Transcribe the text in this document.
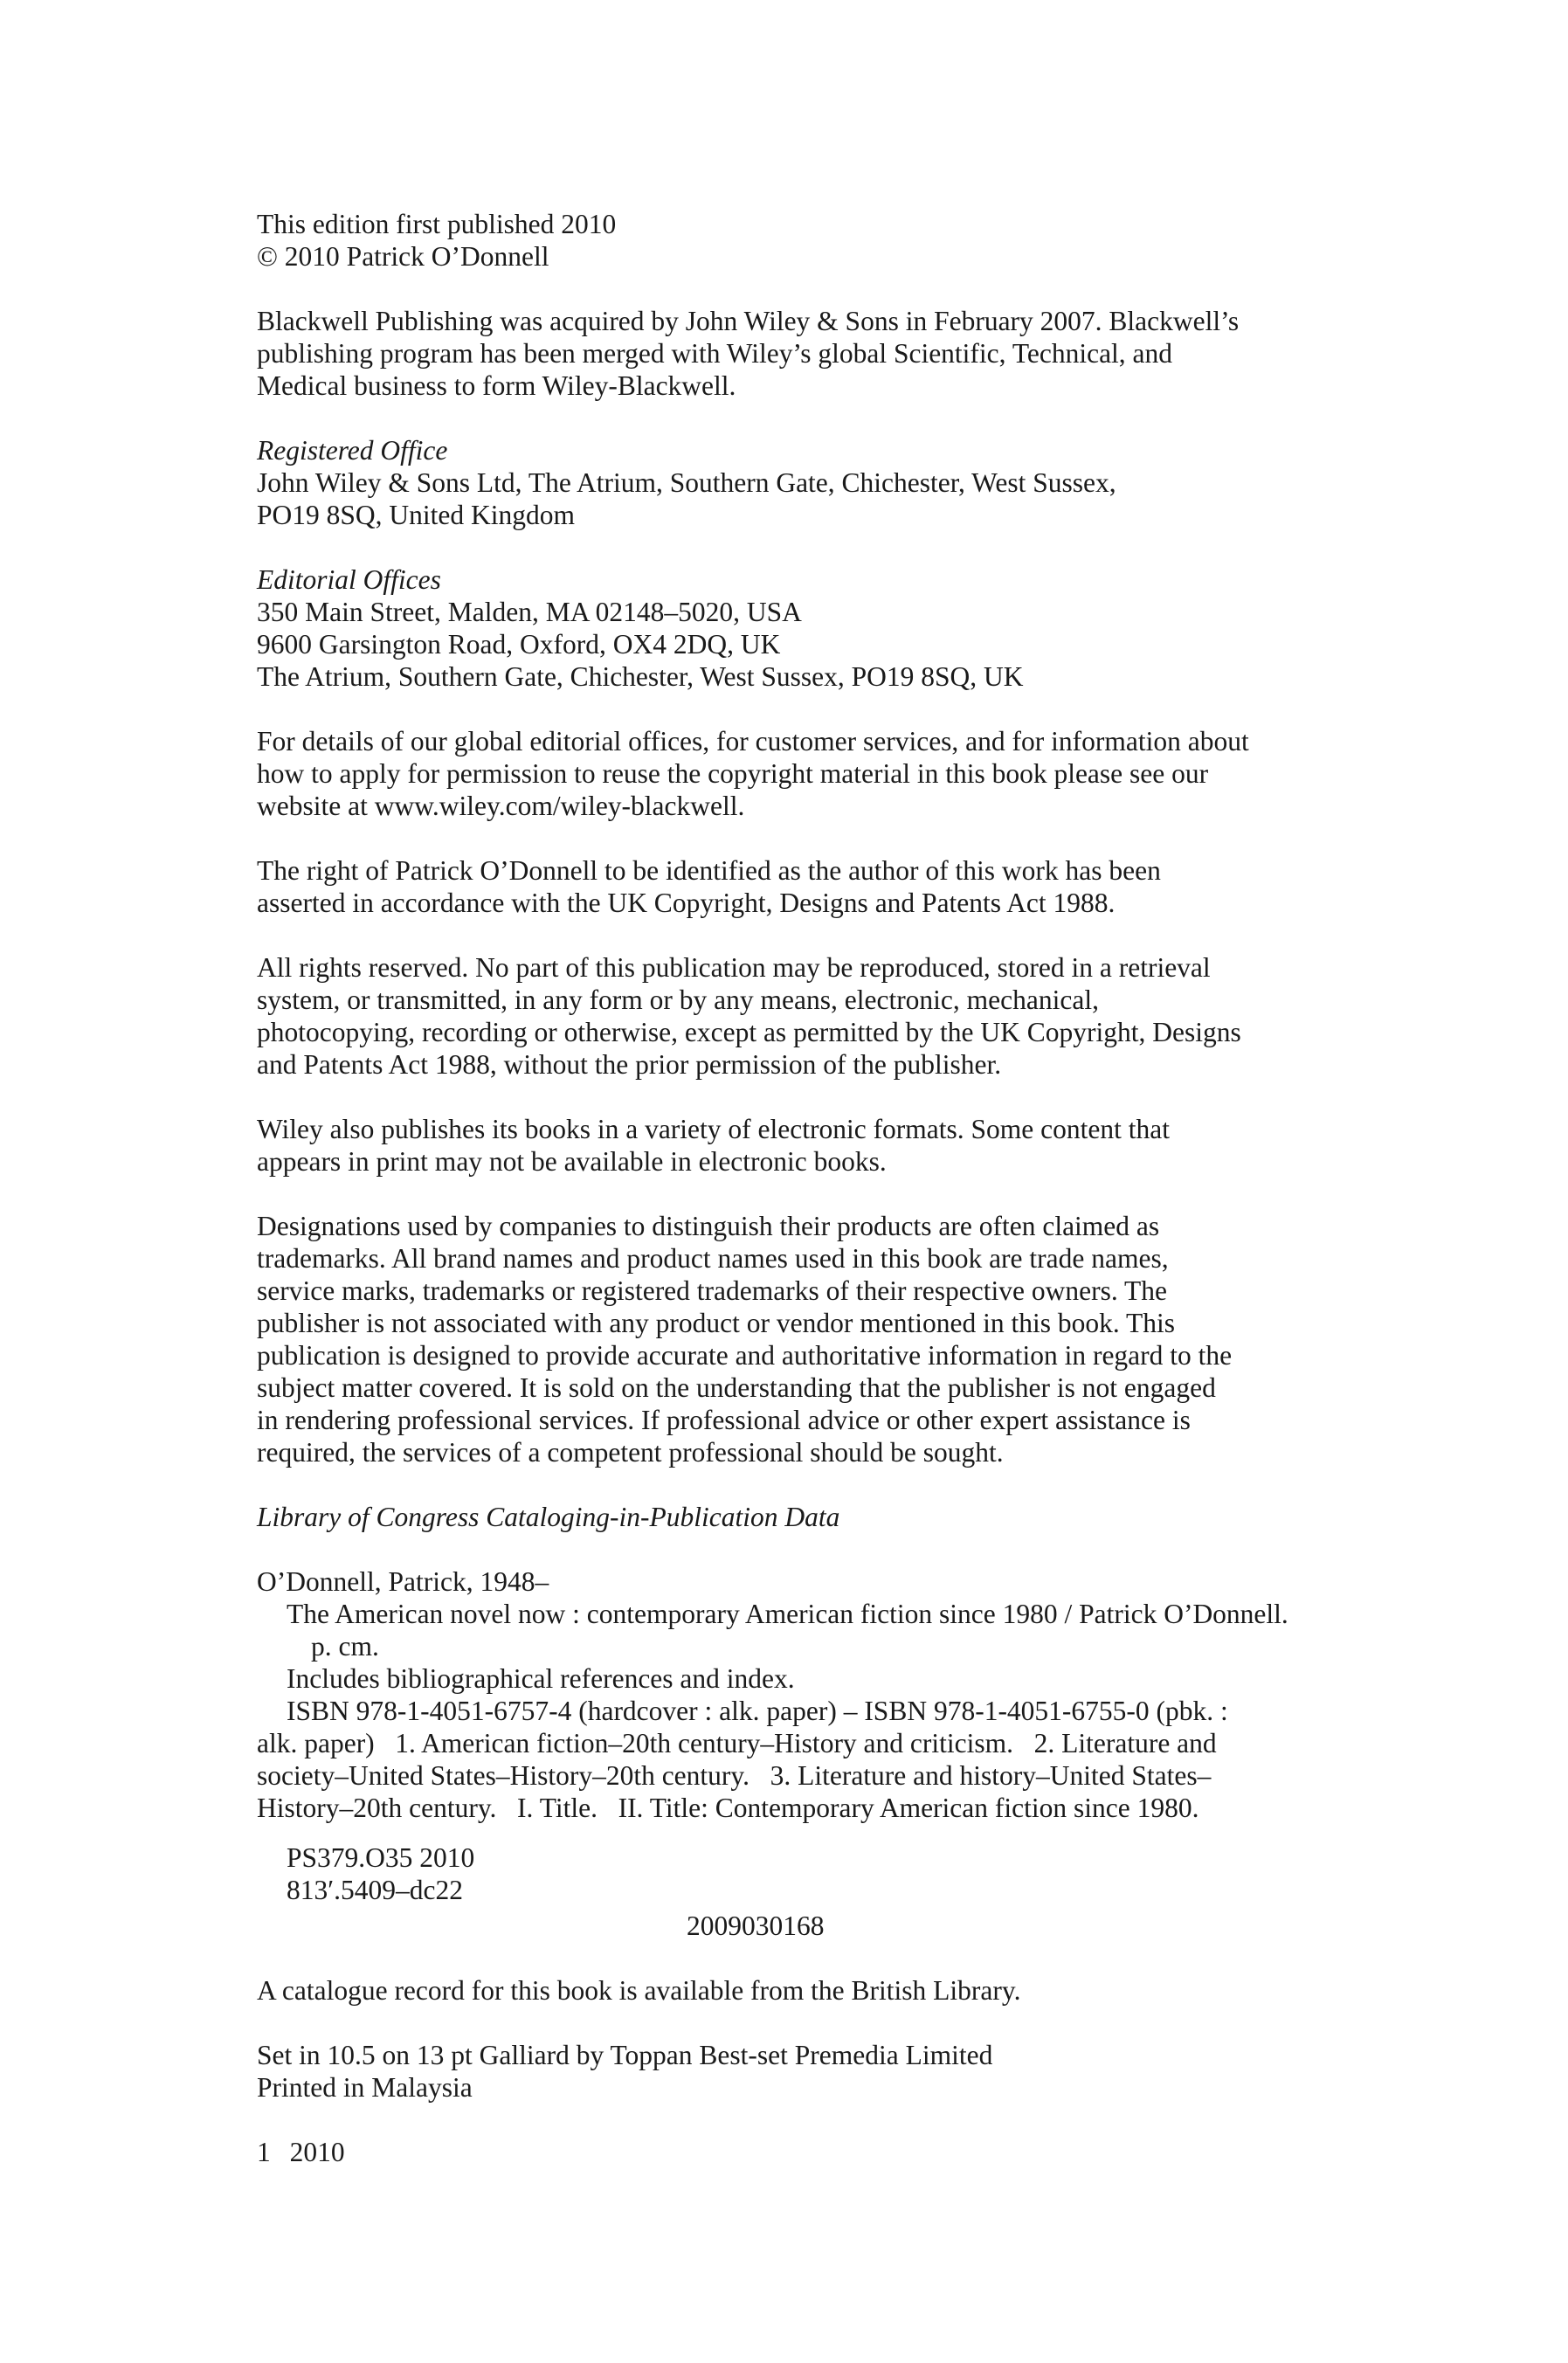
This edition first published 2010
© 2010 Patrick O’Donnell
Blackwell Publishing was acquired by John Wiley & Sons in February 2007. Blackwell’s
publishing program has been merged with Wiley’s global Scientific, Technical, and
Medical business to form Wiley-Blackwell.
Registered Office
John Wiley & Sons Ltd, The Atrium, Southern Gate, Chichester, West Sussex,
PO19 8SQ, United Kingdom
Editorial Offices
350 Main Street, Malden, MA 02148–5020, USA
9600 Garsington Road, Oxford, OX4 2DQ, UK
The Atrium, Southern Gate, Chichester, West Sussex, PO19 8SQ, UK
For details of our global editorial offices, for customer services, and for information about
how to apply for permission to reuse the copyright material in this book please see our
website at www.wiley.com/wiley-blackwell.
The right of Patrick O’Donnell to be identified as the author of this work has been
asserted in accordance with the UK Copyright, Designs and Patents Act 1988.
All rights reserved. No part of this publication may be reproduced, stored in a retrieval
system, or transmitted, in any form or by any means, electronic, mechanical,
photocopying, recording or otherwise, except as permitted by the UK Copyright, Designs
and Patents Act 1988, without the prior permission of the publisher.
Wiley also publishes its books in a variety of electronic formats. Some content that
appears in print may not be available in electronic books.
Designations used by companies to distinguish their products are often claimed as
trademarks. All brand names and product names used in this book are trade names,
service marks, trademarks or registered trademarks of their respective owners. The
publisher is not associated with any product or vendor mentioned in this book. This
publication is designed to provide accurate and authoritative information in regard to the
subject matter covered. It is sold on the understanding that the publisher is not engaged
in rendering professional services. If professional advice or other expert assistance is
required, the services of a competent professional should be sought.
Library of Congress Cataloging-in-Publication Data
O’Donnell, Patrick, 1948–
The American novel now : contemporary American fiction since 1980 / Patrick O’Donnell.
p. cm.
Includes bibliographical references and index.
ISBN 978-1-4051-6757-4 (hardcover : alk. paper) – ISBN 978-1-4051-6755-0 (pbk. :
alk. paper)   1. American fiction–20th century–History and criticism.   2. Literature and
society–United States–History–20th century.   3. Literature and history–United States–
History–20th century.   I. Title.   II. Title: Contemporary American fiction since 1980.
PS379.O35 2010
813′.5409–dc22
2009030168
A catalogue record for this book is available from the British Library.
Set in 10.5 on 13 pt Galliard by Toppan Best-set Premedia Limited
Printed in Malaysia
1 2010
